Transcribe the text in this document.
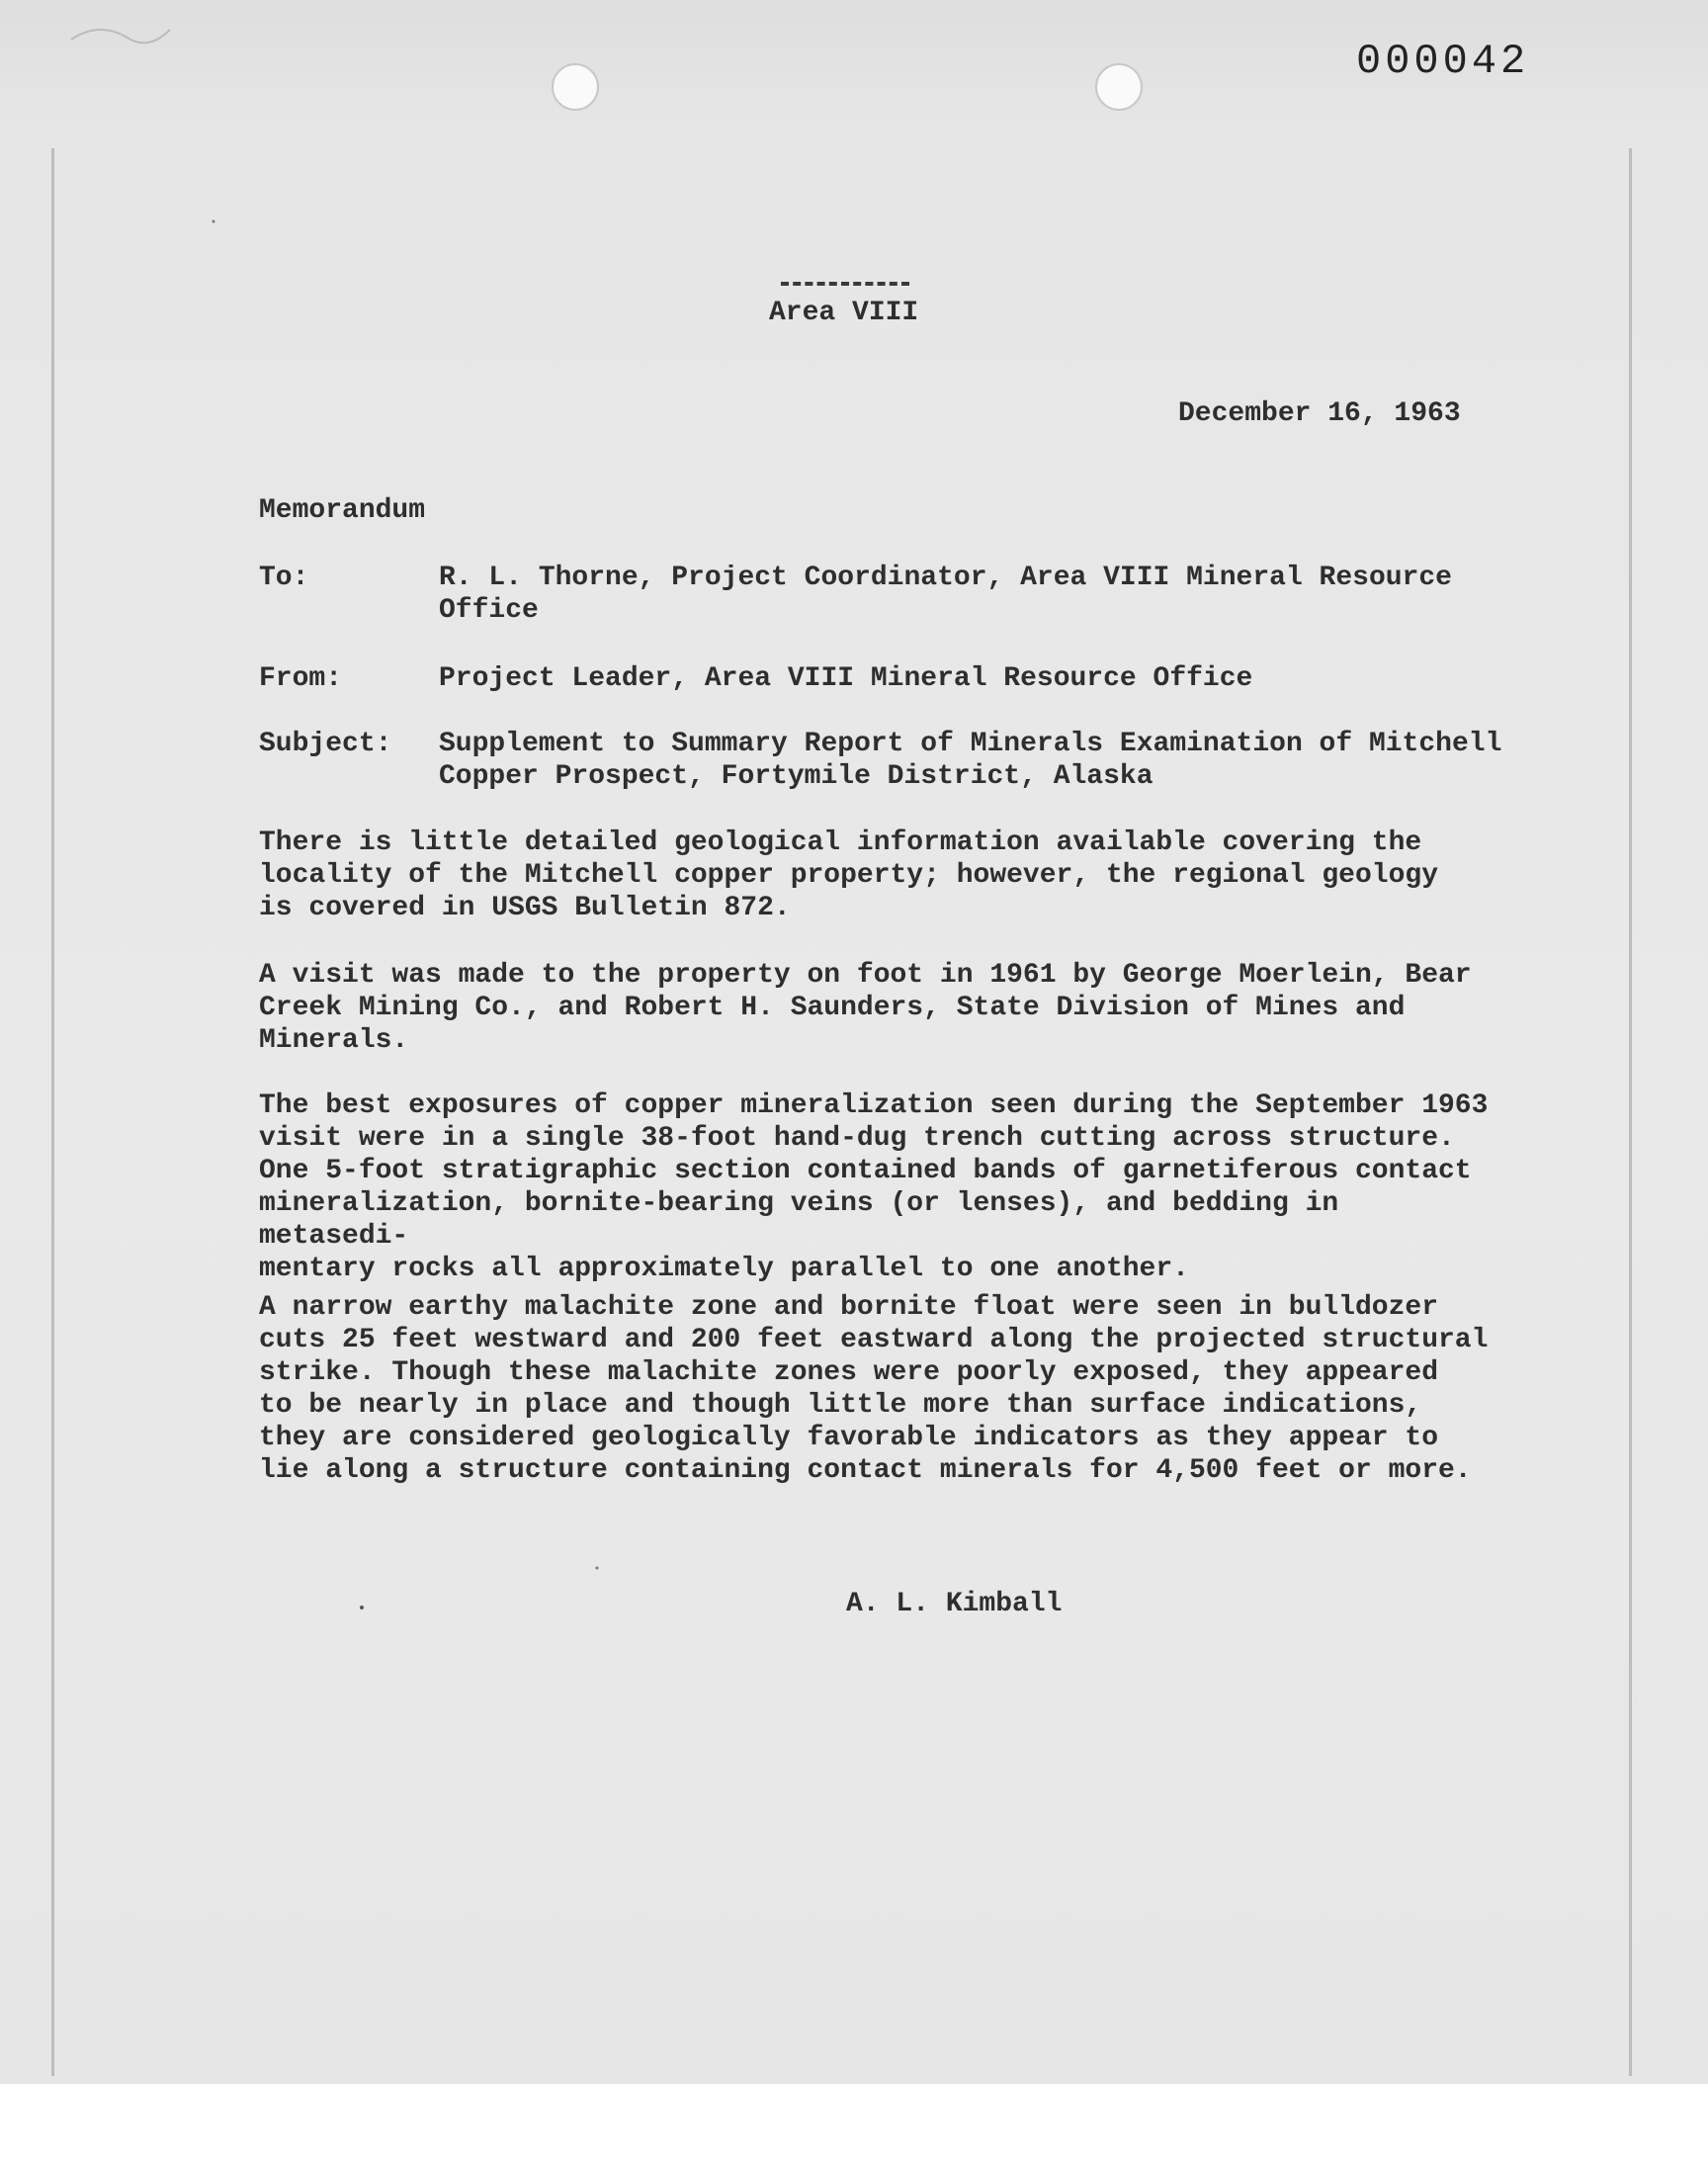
000042
Area VIII
December 16, 1963
Memorandum
To:	R. L. Thorne, Project Coordinator, Area VIII Mineral Resource
Office
From:	Project Leader, Area VIII Mineral Resource Office
Subject: Supplement to Summary Report of Minerals Examination of Mitchell
Copper Prospect, Fortymile District, Alaska

There is little detailed geological information available covering the

locality of the Mitchell copper property; however, the regional geology

is covered in USGS Bulletin 872.

A visit was made to the property on foot in 1961 by George Moerlein, Bear

Creek Mining Co., and Robert H. Saunders, State Division of Mines and

Minerals.

The best exposures of copper mineralization seen during the September 1963

visit were in a single 38-foot hand-dug trench cutting across structure.

One 5-foot stratigraphic section contained bands of garnetiferous contact

mineralization, bornite-bearing veins (or lenses), and bedding in metasedi-

mentary rocks all approximately parallel to one another.

A narrow earthy malachite zone and bornite float were seen in bulldozer

cuts 25 feet westward and 200 feet eastward along the projected structural

strike. Though these malachite zones were poorly exposed, they appeared

to be nearly in place and though little more than surface indications,

they are considered geologically favorable indicators as they appear to

lie along a structure containing contact minerals for 4,500 feet or more.

A. L. Kimball
